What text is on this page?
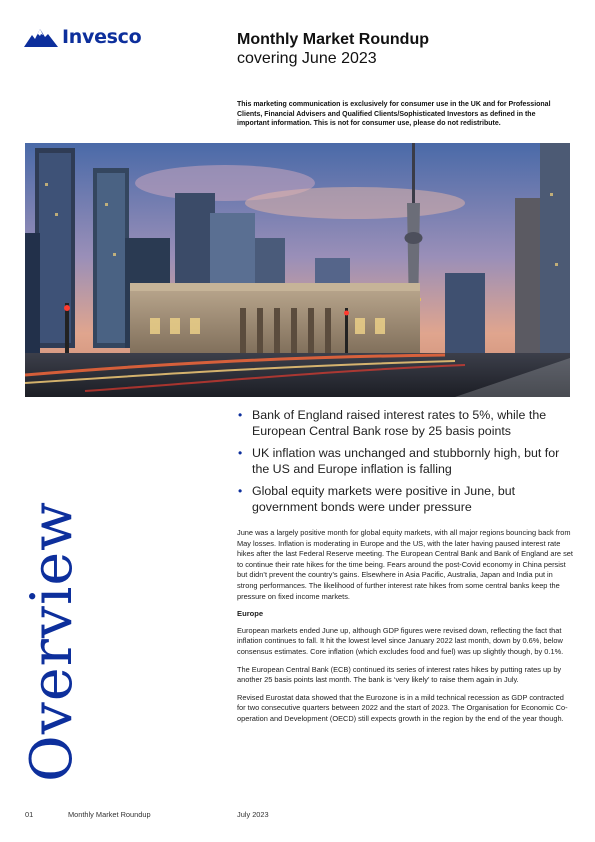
Invesco	Monthly Market Roundup
covering June 2023
This marketing communication is exclusively for consumer use in the UK and for Professional Clients, Financial Advisers and Qualified Clients/Sophisticated Investors as defined in the important information. This is not for consumer use, please do not redistribute.
Overview
• Bank of England raised interest rates to 5%, while the European Central Bank rose by 25 basis points
• UK inflation was unchanged and stubbornly high, but for the US and Europe inflation is falling
• Global equity markets were positive in June, but government bonds were under pressure

June was a largely positive month for global equity markets, with all major regions bouncing back from May losses. Inflation is moderating in Europe and the US, with the later having paused interest rate hikes after the last Federal Reserve meeting. The European Central Bank and Bank of England are set to continue their rate hikes for the time being. Fears around the post-Covid economy in China persist but didn’t prevent the country’s gains. Elsewhere in Asia Pacific, Australia, Japan and India put in strong performances. The likelihood of further interest rate hikes from some central banks keep the pressure on fixed income markets.

Europe

European markets ended June up, although GDP figures were revised down, reflecting the fact that inflation continues to fall. It hit the lowest level since January 2022 last month, down by 0.6%, below consensus estimates. Core inflation (which excludes food and fuel) was up slightly though, by 0.1%.

The European Central Bank (ECB) continued its series of interest rates hikes by putting rates up by another 25 basis points last month. The bank is ‘very likely’ to raise them again in July.

Revised Eurostat data showed that the Eurozone is in a mild technical recession as GDP contracted for two consecutive quarters between 2022 and the start of 2023. The Organisation for Economic Co-operation and Development (OECD) still expects growth in the region by the end of the year though.

01	Monthly Market Roundup	July 2023
